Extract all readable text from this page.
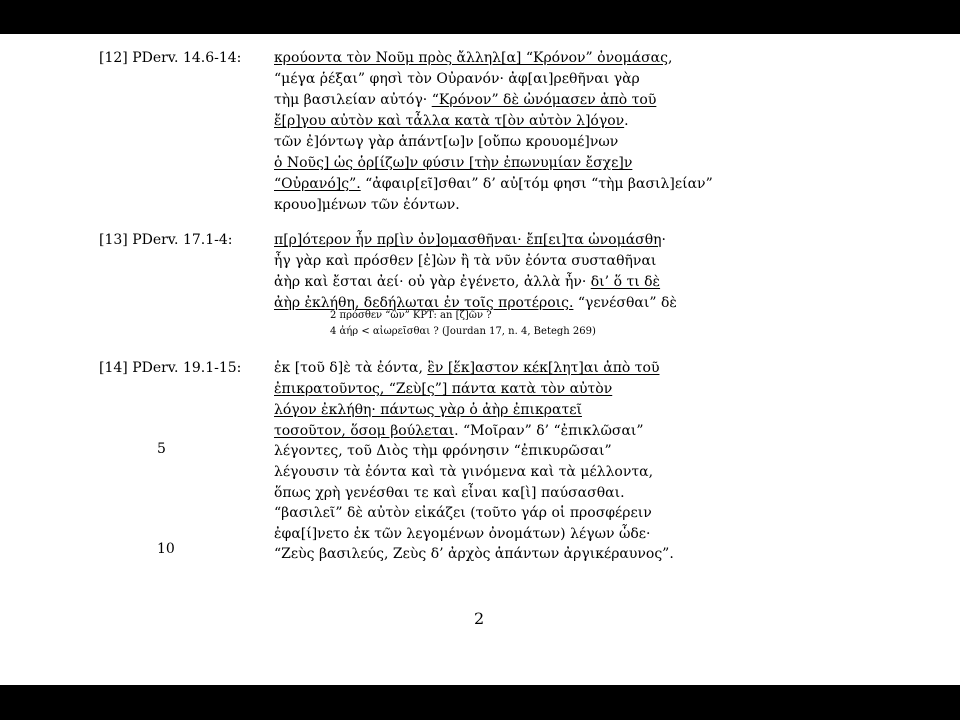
[12] PDerv. 14.6-14:
[13] PDerv. 17.1-4:
2 πρόσθεν “ὢν” KPT: an [ζ]ῶν ?
4 ἀήρ < αἰωρεῖσθαι ? (Jourdan 17, n. 4, Betegh 269)
[14] PDerv. 19.1-15:
5
10
2
κρούοντα τὸν Νοῦμ πρὸς ἄλληλ[α] “Κρόνον” ὀνομάσας,
“μέγα ῥέξαι” φησὶ τὸν Οὐρανόν· ἀφ[αι]ρεθῆναι γὰρ
τὴμ βασιλείαν αὐτόγ· “Κρόνον” δὲ ὠνόμασεν ἀπὸ τοῦ
ἔ[ρ]γου αὐτὸν καὶ τἆλλα κατὰ τ[ὸν αὐτὸν λ]όγον.
τῶν ἐ]όντωγ γὰρ ἁπάντ[ω]ν [οὔπω κρουομέ]νων
ὁ Νοῦς] ὡς ὁρ[ίζω]ν φύσιν [τὴν ἐπωνυμίαν ἔσχε]ν
“Οὐρανό]ς”. “ἀφαιρ[εῖ]σθαι” δ’ αὐ[τόμ φησι “τὴμ βασιλ]είαν”
κρουο]μένων τῶν ἐόντων.
π[ρ]ότερον ἦν πρ[ὶν ὀν]ομασθῆναι· ἔπ[ει]τα ὠνομάσθη·
ἦγ γὰρ καὶ πρόσθεν [ἐ]ὼν ἢ τὰ νῦν ἐόντα συσταθῆναι
ἀὴρ καὶ ἔσται ἀεί· οὐ γὰρ ἐγένετο, ἀλλὰ ἦν· δι’ ὅ τι δὲ
ἀὴρ ἐκλήθη, δεδήλωται ἐν τοῖς προτέροις. “γενέσθαι” δὲ
ἐκ [τοῦ δ]ὲ τὰ ἐόντα, ἓν [ἕκ]αστον κέκ[λητ]αι ἀπὸ τοῦ
ἐπικρατοῦντος, “Ζεὺ[ς”] πάντα κατὰ τὸν αὐτὸν
λόγον ἐκλήθη· πάντως γὰρ ὁ ἀὴρ ἐπικρατεῖ
τοσοῦτον, ὅσομ βούλεται. “Μοῖραν” δ’ “ἐπικλῶσαι”
λέγοντες, τοῦ Διὸς τὴμ φρόνησιν “ἐπικυρῶσαι”
λέγουσιν τὰ ἐόντα καὶ τὰ γινόμενα καὶ τὰ μέλλοντα,
ὅπως χρὴ γενέσθαι τε καὶ εἶναι κα[ὶ] παύσασθαι.
“βασιλεῖ” δὲ αὐτὸν εἰκάζει (τοῦτο γάρ οἱ προσφέρειν
ἐφα[ί]νετο ἐκ τῶν λεγομένων ὀνομάτων) λέγων ὧδε·
“Ζεὺς βασιλεύς, Ζεὺς δ’ ἀρχὸς ἁπάντων ἀργικέραυνος”.
